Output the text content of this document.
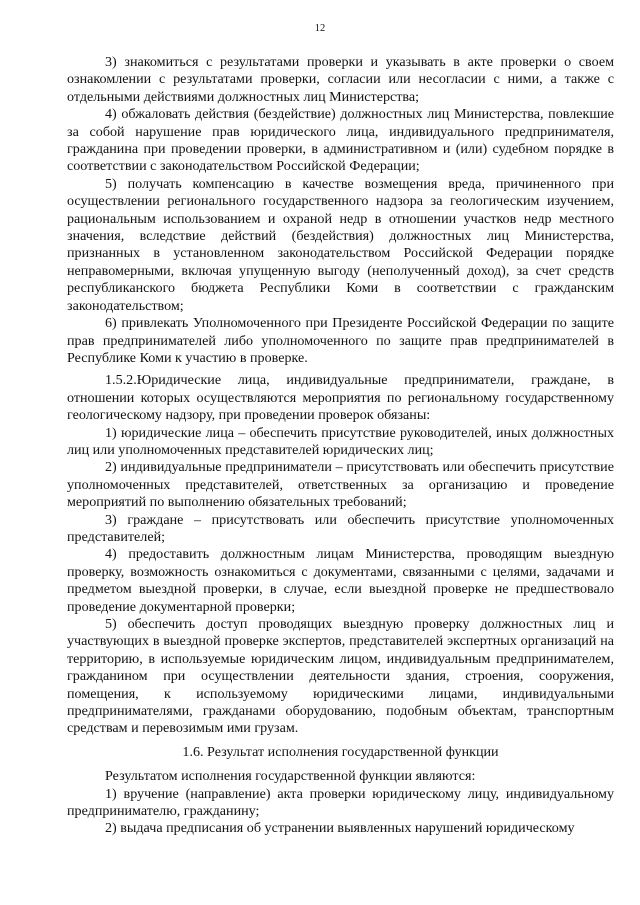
12

3) знакомиться с результатами проверки и указывать в акте проверки о своем ознакомлении с результатами проверки, согласии или несогласии с ними, а также с отдельными действиями должностных лиц Министерства;

4) обжаловать действия (бездействие) должностных лиц Министерства, повлекшие за собой нарушение прав юридического лица, индивидуального предпринимателя, гражданина при проведении проверки, в административном и (или) судебном порядке в соответствии с законодательством Российской Федерации;

5) получать компенсацию в качестве возмещения вреда, причиненного при осуществлении регионального государственного надзора за геологическим изучением, рациональным использованием и охраной недр в отношении участков недр местного значения, вследствие действий (бездействия) должностных лиц Министерства, признанных в установленном законодательством Российской Федерации порядке неправомерными, включая упущенную выгоду (неполученный доход), за счет средств республиканского бюджета Республики Коми в соответствии с гражданским законодательством;

6) привлекать Уполномоченного при Президенте Российской Федерации по защите прав предпринимателей либо уполномоченного по защите прав предпринимателей в Республике Коми к участию в проверке.

1.5.2.Юридические лица, индивидуальные предприниматели, граждане, в отношении которых осуществляются мероприятия по региональному государственному геологическому надзору, при проведении проверок обязаны:

1) юридические лица – обеспечить присутствие руководителей, иных должностных лиц или уполномоченных представителей юридических лиц;

2) индивидуальные предприниматели – присутствовать или обеспечить присутствие уполномоченных представителей, ответственных за организацию и проведение мероприятий по выполнению обязательных требований;

3) граждане – присутствовать или обеспечить присутствие уполномоченных представителей;

4) предоставить должностным лицам Министерства, проводящим выездную проверку, возможность ознакомиться с документами, связанными с целями, задачами и предметом выездной проверки, в случае, если выездной проверке не предшествовало проведение документарной проверки;

5) обеспечить доступ проводящих выездную проверку должностных лиц и участвующих в выездной проверке экспертов, представителей экспертных организаций на территорию, в используемые юридическим лицом, индивидуальным предпринимателем, гражданином при осуществлении деятельности здания, строения, сооружения, помещения, к используемому юридическими лицами, индивидуальными предпринимателями, гражданами оборудованию, подобным объектам, транспортным средствам и перевозимым ими грузам.

1.6. Результат исполнения государственной функции

Результатом исполнения государственной функции являются:

1) вручение (направление) акта проверки юридическому лицу, индивидуальному предпринимателю, гражданину;

2) выдача предписания об устранении выявленных нарушений юридическому
